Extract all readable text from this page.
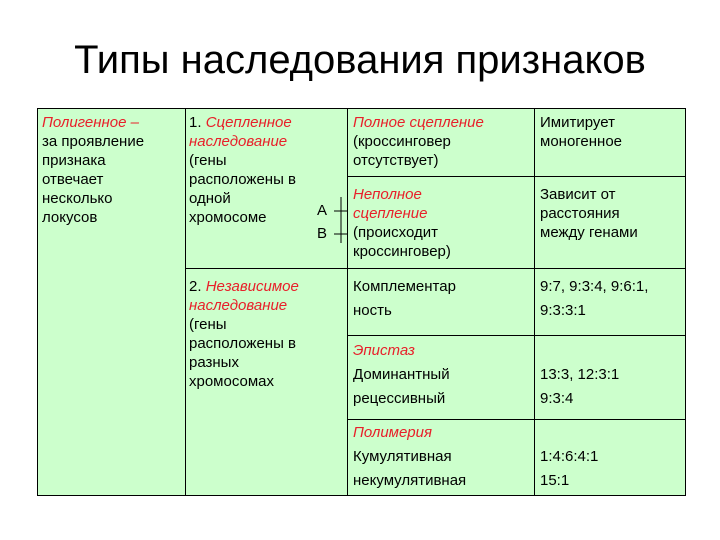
Типы наследования признаков
Полигенное –
за проявление
признака
отвечает
несколько
локусов
1. Сцепленное
наследование
(гены
расположены в
одной
хромосоме	А
В
2. Независимое
наследование
(гены
расположены в
разных
хромосомах
Полное сцепление
(кроссинговер
отсутствует)
Неполное
сцепление
(происходит
кроссинговер)
Комплементар
ность
Эпистаз
Доминантный
рецессивный
Полимерия
Кумулятивная
некумулятивная
Имитирует
моногенное
Зависит от
расстояния
между генами
9:7, 9:3:4, 9:6:1,
9:3:3:1
13:3, 12:3:1
9:3:4
1:4:6:4:1
15:1
